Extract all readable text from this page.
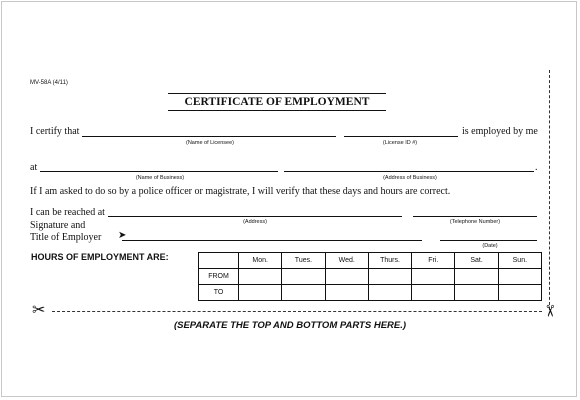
MV-58A (4/11)
CERTIFICATE OF EMPLOYMENT
I certify that	is employed by me
(Name of Licensee)	(License ID #)
at	.
(Name of Business)	(Address of Business)
If I am asked to do so by a police officer or magistrate, I will verify that these days and hours are correct.
I can be reached at
(Address)	(Telephone Number)
Signature and
Title of Employer ➤
(Date)
HOURS OF EMPLOYMENT ARE:
		Mon.	Tues.	Wed.	Thurs.	Fri.	Sat.	Sun.
FROM							
TO							
✂	✂
(SEPARATE THE TOP AND BOTTOM PARTS HERE.)
